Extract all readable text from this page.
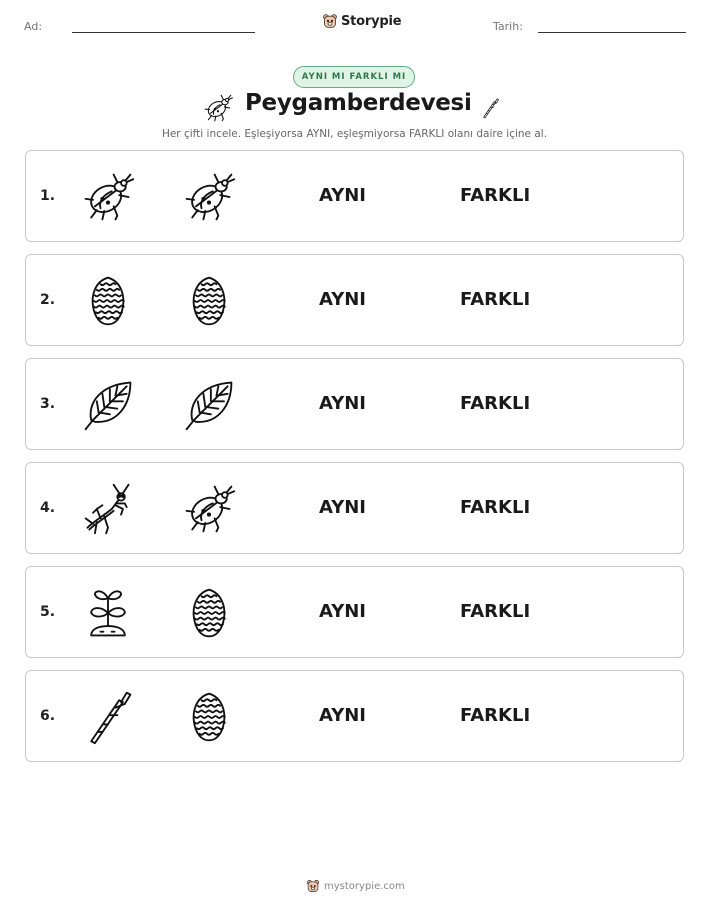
Ad:	Storypie	Tarih:
AYNI MI FARKLI MI
Peygamberdevesi
Her çifti incele. Eşleşiyorsa AYNI, eşleşmiyorsa FARKLI olanı daire içine al.
1.	AYNI	FARKLI
2.	AYNI	FARKLI
3.	AYNI	FARKLI
4.	AYNI	FARKLI
5.	AYNI	FARKLI
6.	AYNI	FARKLI
mystorypie.com
